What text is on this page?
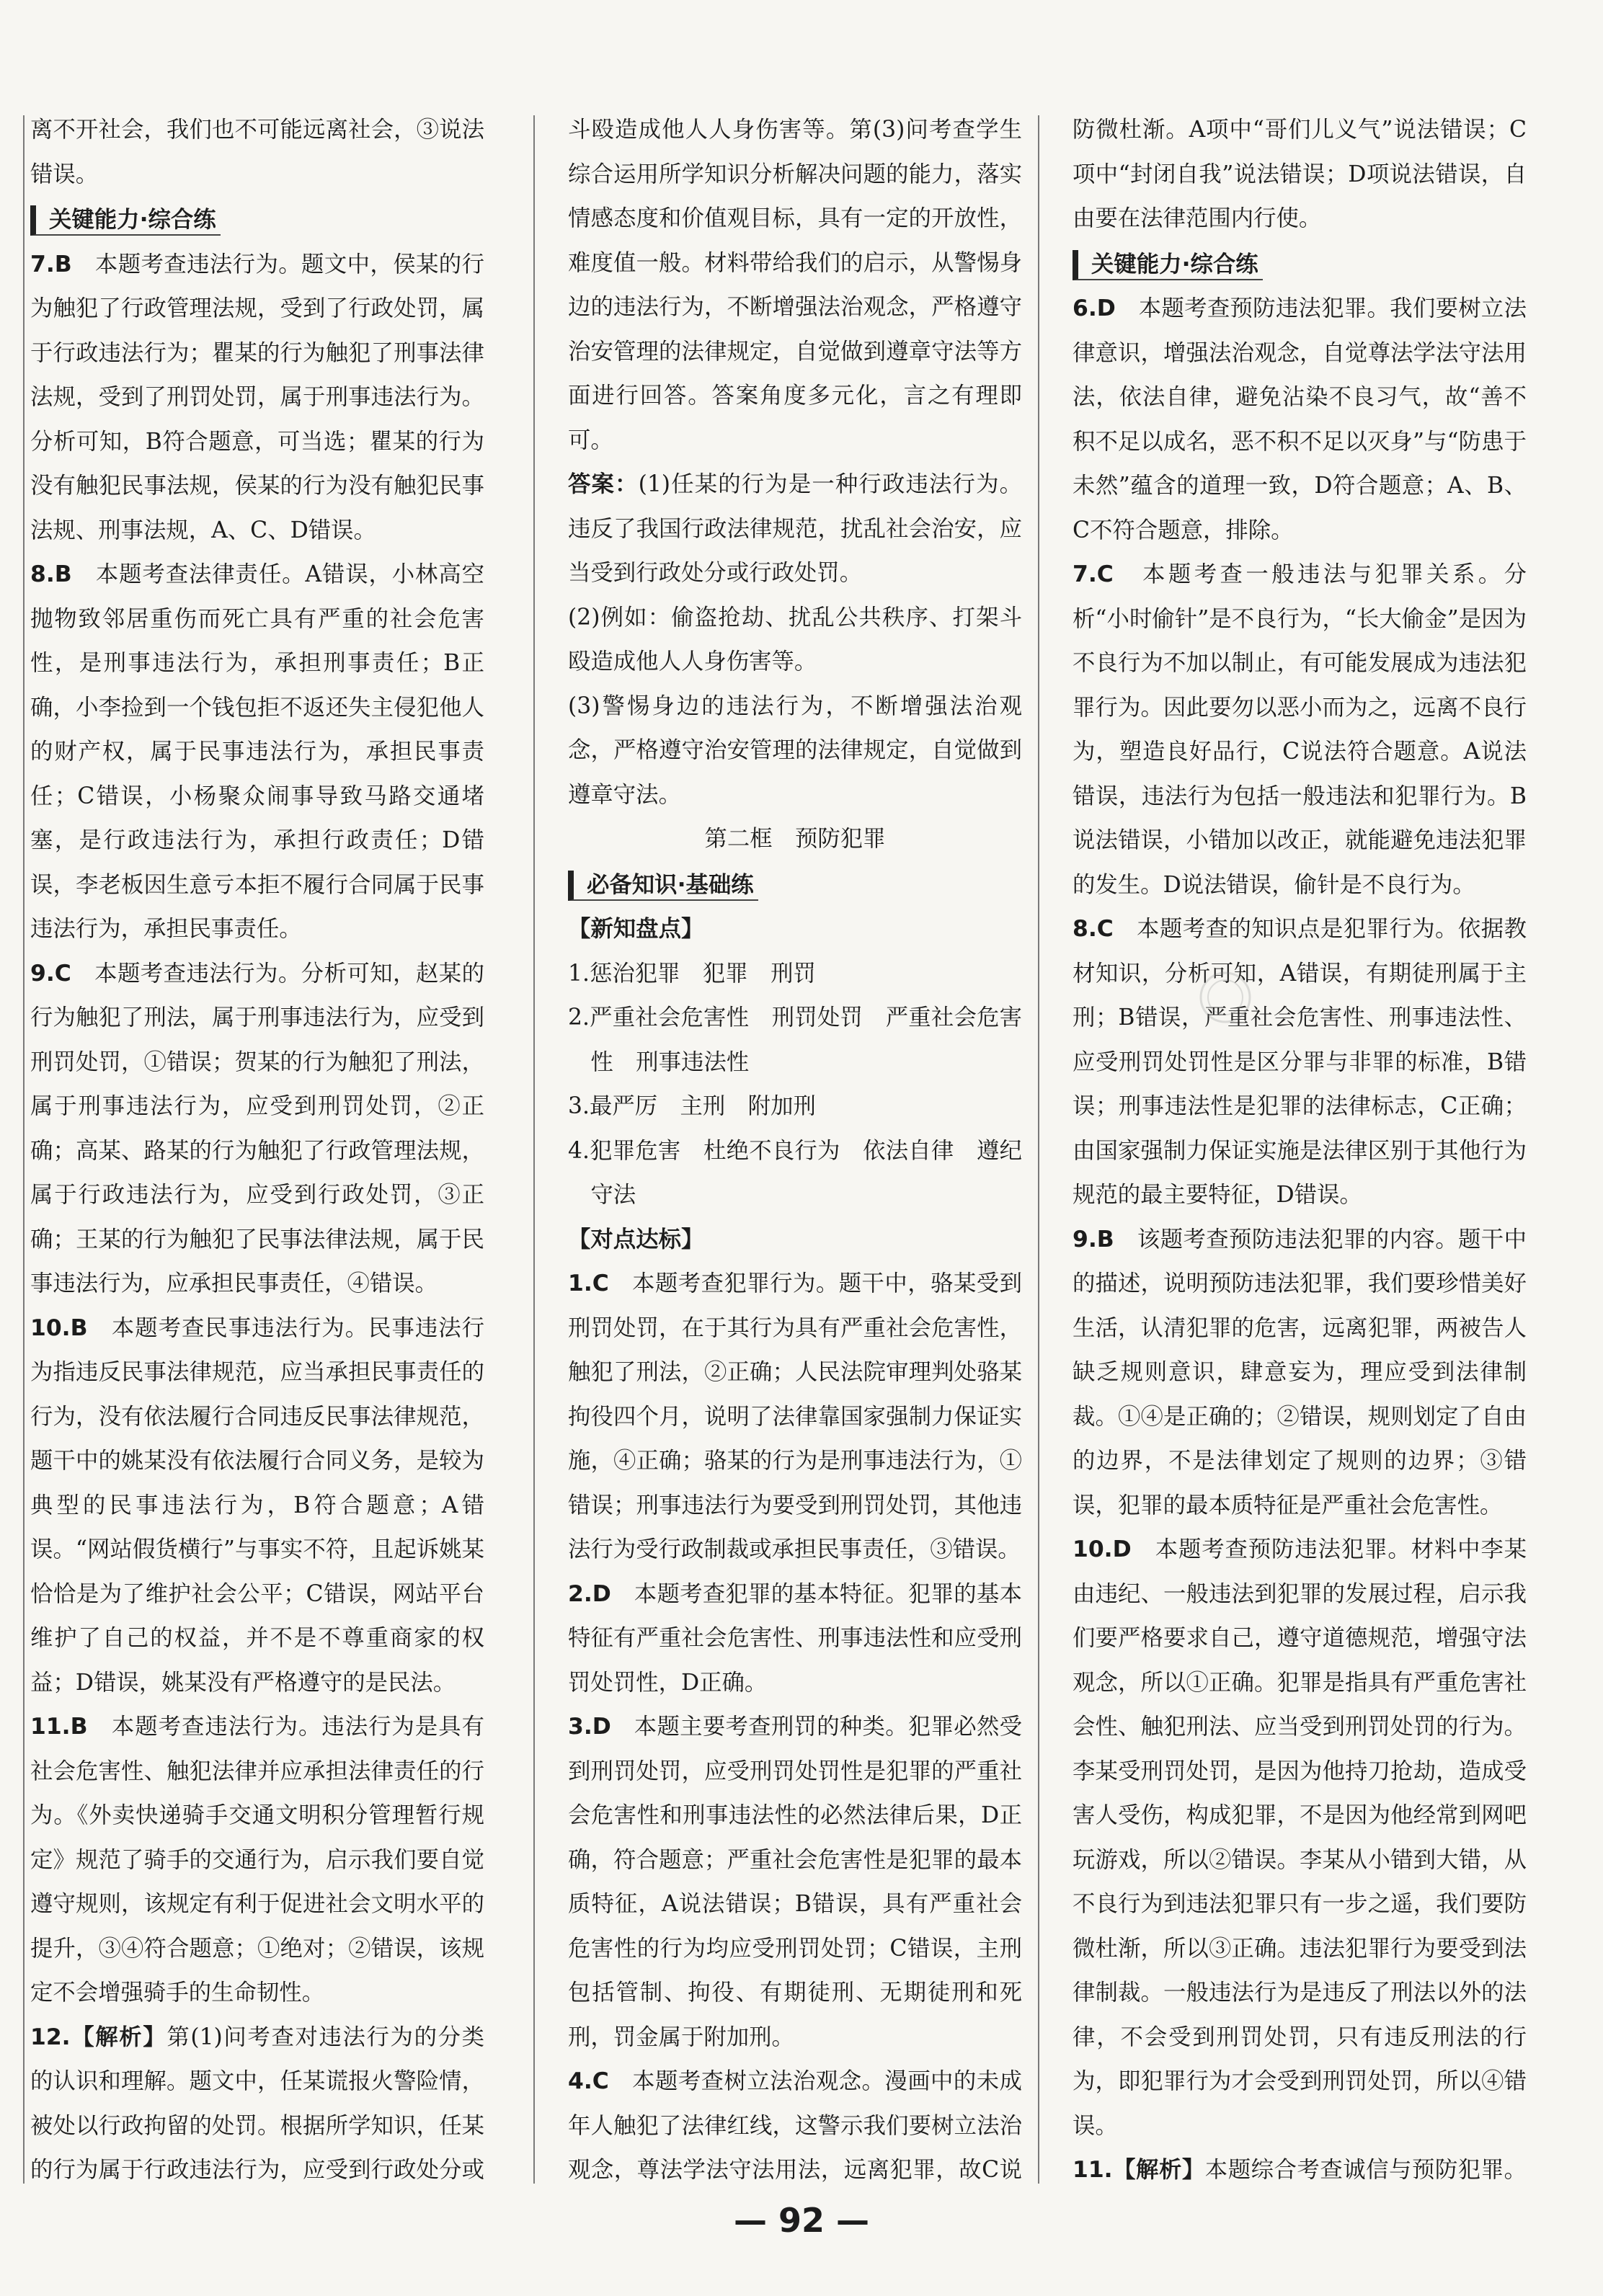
离不开社会，我们也不可能远离社会，③说法错误。

关键能力·综合练

7.B　 本题考查违法行为。题文中，侯某的行为触犯了行政管理法规，受到了行政处罚，属于行政违法行为；瞿某的行为触犯了刑事法律法规，受到了刑罚处罚，属于刑事违法行为。分析可知，B符合题意，可当选；瞿某的行为没有触犯民事法规，侯某的行为没有触犯民事法规、刑事法规，A、C、D错误。

8.B　 本题考查法律责任。A错误，小林高空抛物致邻居重伤而死亡具有严重的社会危害性，是刑事违法行为，承担刑事责任；B正确，小李捡到一个钱包拒不返还失主侵犯他人的财产权，属于民事违法行为，承担民事责任；C错误，小杨聚众闹事导致马路交通堵塞，是行政违法行为，承担行政责任；D错误，李老板因生意亏本拒不履行合同属于民事违法行为，承担民事责任。

9.C　 本题考查违法行为。分析可知，赵某的行为触犯了刑法，属于刑事违法行为，应受到刑罚处罚，①错误；贺某的行为触犯了刑法，属于刑事违法行为，应受到刑罚处罚，②正确；高某、路某的行为触犯了行政管理法规，属于行政违法行为，应受到行政处罚，③正确；王某的行为触犯了民事法律法规，属于民事违法行为，应承担民事责任，④错误。

10.B　 本题考查民事违法行为。民事违法行为指违反民事法律规范，应当承担民事责任的行为，没有依法履行合同违反民事法律规范，题干中的姚某没有依法履行合同义务，是较为典型的民事违法行为，B符合题意；A错误。“网站假货横行”与事实不符，且起诉姚某恰恰是为了维护社会公平；C错误，网站平台维护了自己的权益，并不是不尊重商家的权益；D错误，姚某没有严格遵守的是民法。

11.B　 本题考查违法行为。违法行为是具有社会危害性、触犯法律并应承担法律责任的行为。《外卖快递骑手交通文明积分管理暂行规定》规范了骑手的交通行为，启示我们要自觉遵守规则，该规定有利于促进社会文明水平的提升，③④符合题意；①绝对；②错误，该规定不会增强骑手的生命韧性。

12.【解析】第(1)问考查对违法行为的分类的认识和理解。题文中，任某谎报火警险情，被处以行政拘留的处罚。根据所学知识，任某的行为属于行政违法行为，应受到行政处分或

斗殴造成他人人身伤害等。第(3)问考查学生综合运用所学知识分析解决问题的能力，落实情感态度和价值观目标，具有一定的开放性，难度值一般。材料带给我们的启示，从警惕身边的违法行为，不断增强法治观念，严格遵守治安管理的法律规定，自觉做到遵章守法等方面进行回答。答案角度多元化，言之有理即可。

答案：(1)任某的行为是一种行政违法行为。违反了我国行政法律规范，扰乱社会治安，应当受到行政处分或行政处罚。

(2)例如：偷盗抢劫、扰乱公共秩序、打架斗殴造成他人人身伤害等。

(3)警惕身边的违法行为，不断增强法治观念，严格遵守治安管理的法律规定，自觉做到遵章守法。

第二框　预防犯罪

必备知识·基础练

【新知盘点】

1.惩治犯罪　犯罪　刑罚

2.严重社会危害性　刑罚处罚　严重社会危害性　刑事违法性

3.最严厉　主刑　附加刑

4.犯罪危害　杜绝不良行为　依法自律　遵纪守法

【对点达标】

1.C　 本题考查犯罪行为。题干中，骆某受到刑罚处罚，在于其行为具有严重社会危害性，触犯了刑法，②正确；人民法院审理判处骆某拘役四个月，说明了法律靠国家强制力保证实施，④正确；骆某的行为是刑事违法行为，①错误；刑事违法行为要受到刑罚处罚，其他违法行为受行政制裁或承担民事责任，③错误。

2.D　 本题考查犯罪的基本特征。犯罪的基本特征有严重社会危害性、刑事违法性和应受刑罚处罚性，D正确。

3.D　 本题主要考查刑罚的种类。犯罪必然受到刑罚处罚，应受刑罚处罚性是犯罪的严重社会危害性和刑事违法性的必然法律后果，D正确，符合题意；严重社会危害性是犯罪的最本质特征，A说法错误；B错误，具有严重社会危害性的行为均应受刑罚处罚；C错误，主刑包括管制、拘役、有期徒刑、无期徒刑和死刑，罚金属于附加刑。

4.C　 本题考查树立法治观念。漫画中的未成年人触犯了法律红线，这警示我们要树立法治观念，尊法学法守法用法，远离犯罪，故C说

防微杜渐。A项中“哥们儿义气”说法错误；C项中“封闭自我”说法错误；D项说法错误，自由要在法律范围内行使。

关键能力·综合练

6.D　 本题考查预防违法犯罪。我们要树立法律意识，增强法治观念，自觉尊法学法守法用法，依法自律，避免沾染不良习气，故“善不积不足以成名，恶不积不足以灭身”与“防患于未然”蕴含的道理一致，D符合题意；A、B、C不符合题意，排除。

7.C　 本题考查一般违法与犯罪关系。分析“小时偷针”是不良行为，“长大偷金”是因为不良行为不加以制止，有可能发展成为违法犯罪行为。因此要勿以恶小而为之，远离不良行为，塑造良好品行，C说法符合题意。A说法错误，违法行为包括一般违法和犯罪行为。B说法错误，小错加以改正，就能避免违法犯罪的发生。D说法错误，偷针是不良行为。

8.C　 本题考查的知识点是犯罪行为。依据教材知识，分析可知，A错误，有期徒刑属于主刑；B错误，严重社会危害性、刑事违法性、应受刑罚处罚性是区分罪与非罪的标准，B错误；刑事违法性是犯罪的法律标志，C正确；由国家强制力保证实施是法律区别于其他行为规范的最主要特征，D错误。

9.B　 该题考查预防违法犯罪的内容。题干中的描述，说明预防违法犯罪，我们要珍惜美好生活，认清犯罪的危害，远离犯罪，两被告人缺乏规则意识，肆意妄为，理应受到法律制裁。①④是正确的；②错误，规则划定了自由的边界，不是法律划定了规则的边界；③错误，犯罪的最本质特征是严重社会危害性。

10.D　 本题考查预防违法犯罪。材料中李某由违纪、一般违法到犯罪的发展过程，启示我们要严格要求自己，遵守道德规范，增强守法观念，所以①正确。犯罪是指具有严重危害社会性、触犯刑法、应当受到刑罚处罚的行为。李某受刑罚处罚，是因为他持刀抢劫，造成受害人受伤，构成犯罪，不是因为他经常到网吧玩游戏，所以②错误。李某从小错到大错，从不良行为到违法犯罪只有一步之遥，我们要防微杜渐，所以③正确。违法犯罪行为要受到法律制裁。一般违法行为是违反了刑法以外的法律，不会受到刑罚处罚，只有违反刑法的行为，即犯罪行为才会受到刑罚处罚，所以④错误。

11.【解析】本题综合考查诚信与预防犯罪。

— 92 —
